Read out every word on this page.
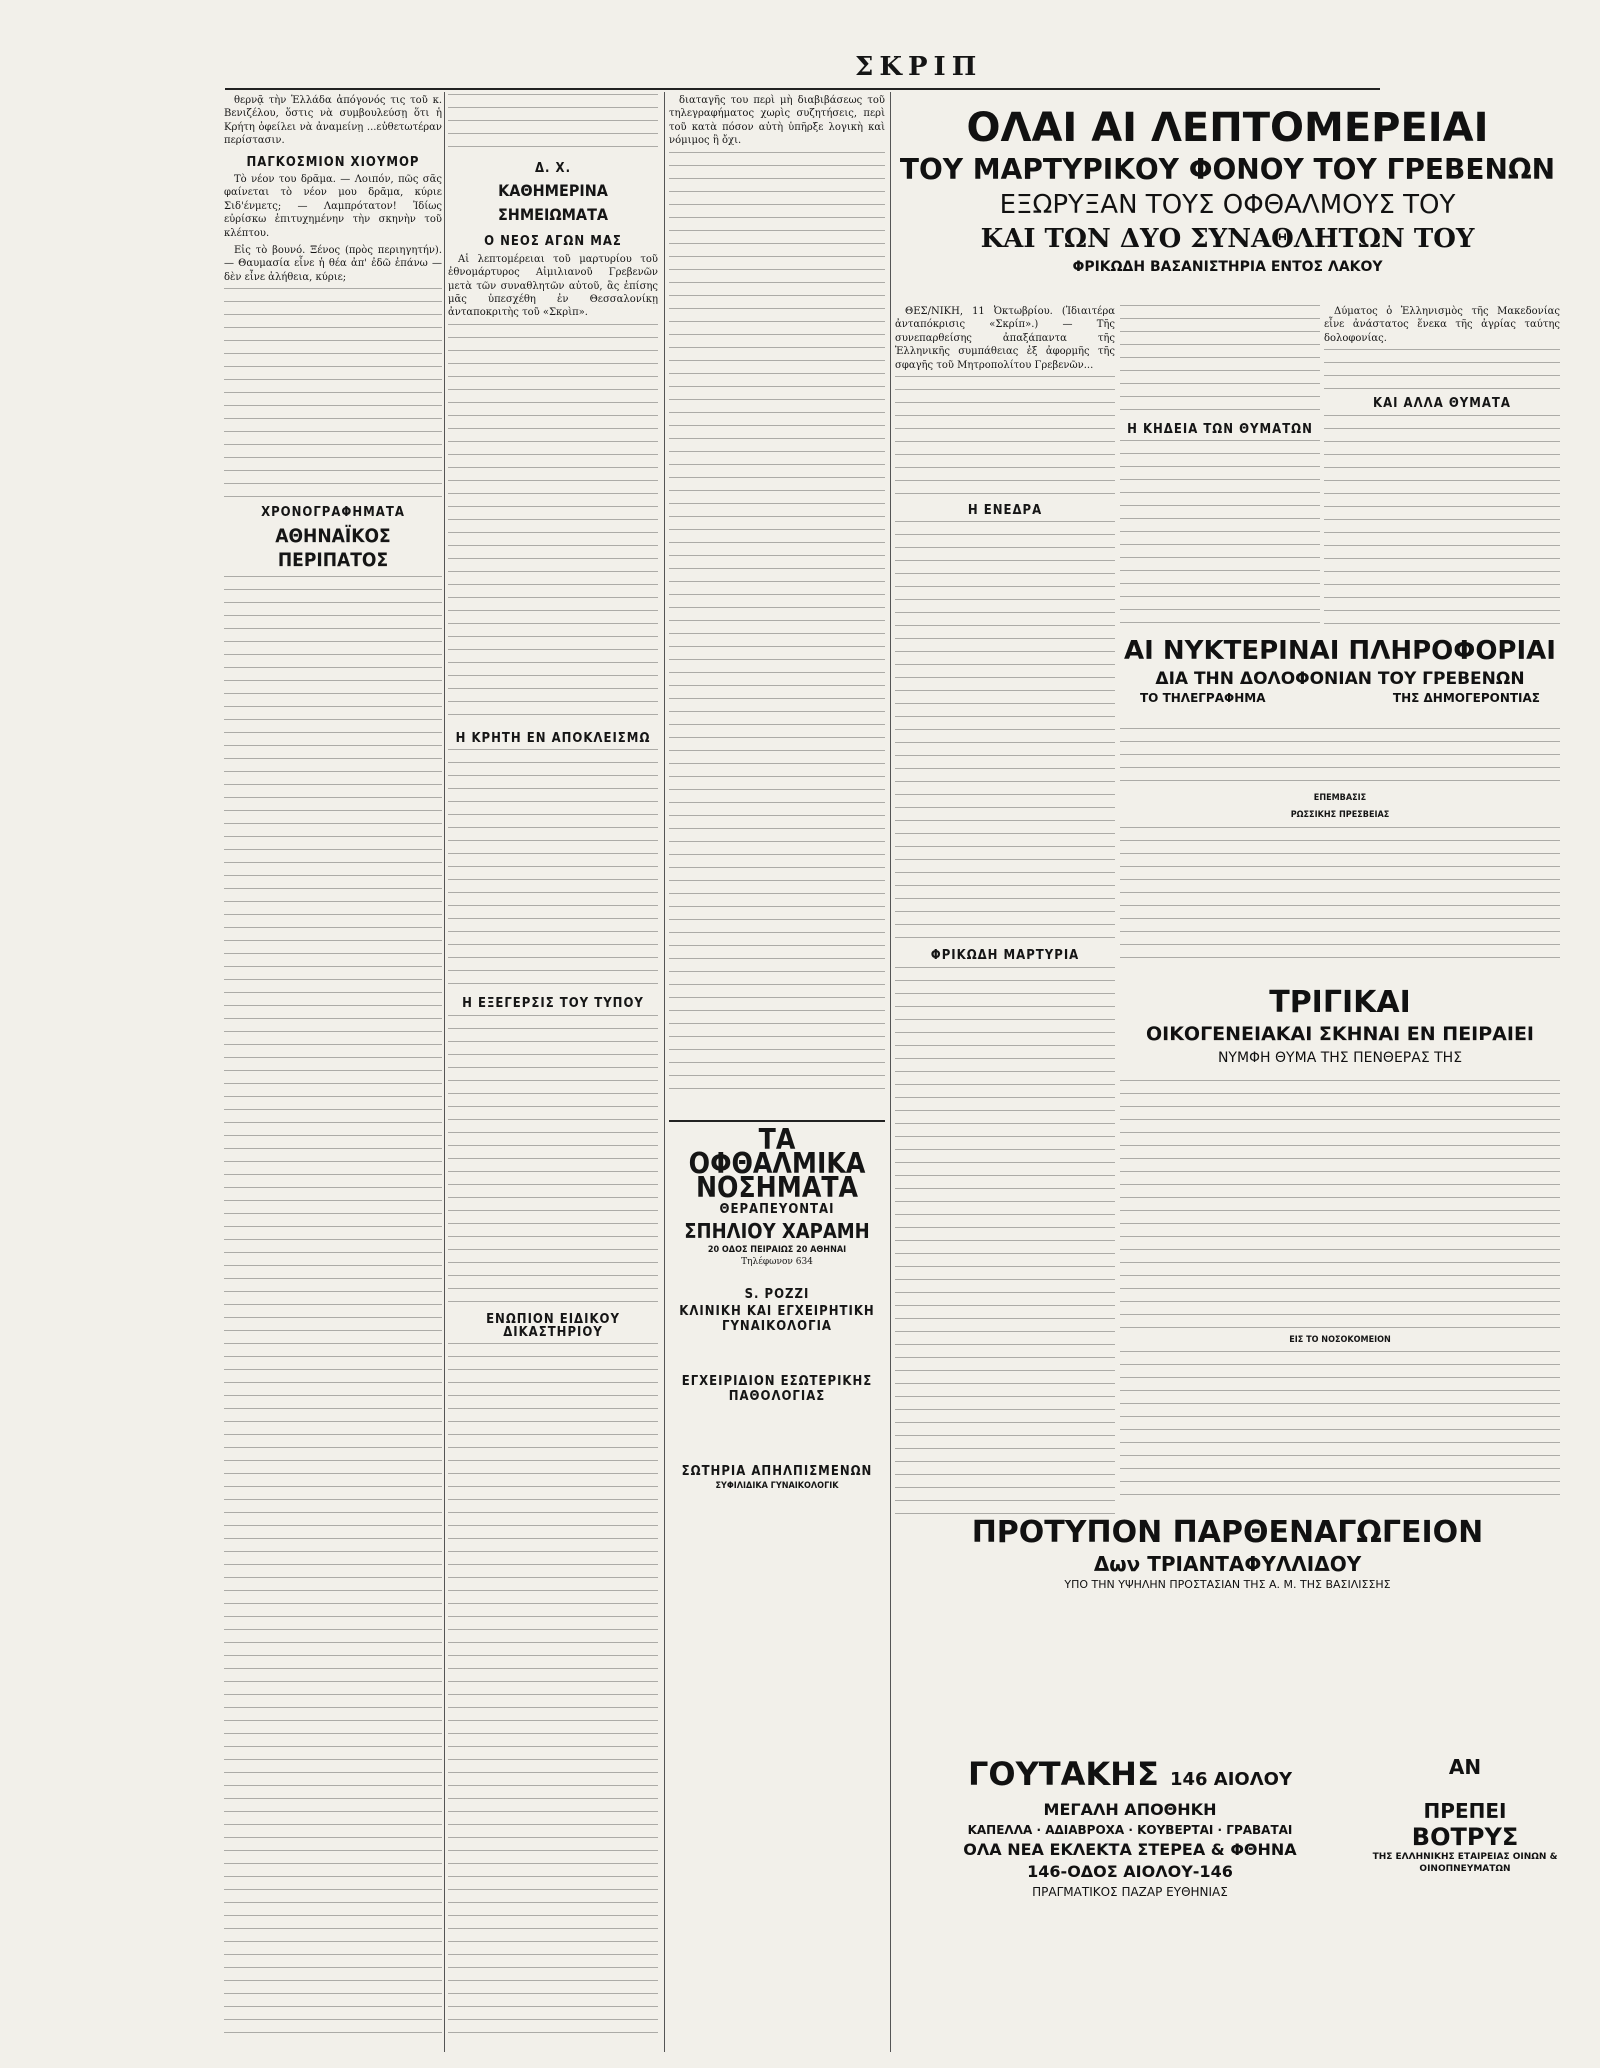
ΣΚΡΙΠ

θερνᾷ τὴν Ἑλλάδα ἀπόγονός τις τοῦ κ. Βενιζέλου, ὅστις νὰ συμβουλεύσῃ ὅτι ἡ Κρήτη ὀφείλει νὰ ἀναμείνῃ ...εὐθετωτέραν περίστασιν.

ΠΑΓΚΟΣΜΙΟΝ ΧΙΟΥΜΟΡ

Τὸ νέον του δρᾶμα. — Λοιπόν, πῶς σᾶς φαίνεται τὸ νέον μου δρᾶμα, κύριε Σιδ'ένμετς; — Λαμπρότατον! Ἰδίως εὐρίσκω ἐπιτυχημένην τὴν σκηνὴν τοῦ κλέπτου.

Εἰς τὸ βουνό. Ξένος (πρὸς περιηγητήν). — Θαυμασία εἶνε ἡ θέα ἀπ' ἐδῶ ἐπάνω — δὲν εἶνε ἀλήθεια, κύριε;

ΧΡΟΝΟΓΡΑΦΗΜΑΤΑ
ΑΘΗΝΑΪΚΟΣ ΠΕΡΙΠΑΤΟΣ
Δ. Χ.
ΚΑΘΗΜΕΡΙΝΑ ΣΗΜΕΙΩΜΑΤΑ
Ο ΝΕΟΣ ΑΓΩΝ ΜΑΣ

Αἱ λεπτομέρειαι τοῦ μαρτυρίου τοῦ ἐθνομάρτυρος Αἰμιλιανοῦ Γρεβενῶν μετὰ τῶν συναθλητῶν αὐτοῦ, ἃς ἐπίσης μᾶς ὑπεσχέθη ἐν Θεσσαλονίκῃ ἀνταποκριτὴς τοῦ «Σκρὶπ».

Η ΚΡΗΤΗ ΕΝ ΑΠΟΚΛΕΙΣΜΩ
Η ΕΞΕΓΕΡΣΙΣ ΤΟΥ ΤΥΠΟΥ
ΕΝΩΠΙΟΝ ΕΙΔΙΚΟΥ ΔΙΚΑΣΤΗΡΙΟΥ

διαταγῆς του περὶ μὴ διαβιβάσεως τοῦ τηλεγραφήματος χωρὶς συζητήσεις, περὶ τοῦ κατὰ πόσον αὐτὴ ὑπῆρξε λογικὴ καὶ νόμιμος ἢ ὄχι.

ΤΑ ΟΦΘΑΛΜΙΚΑ ΝΟΣΗΜΑΤΑ
ΘΕΡΑΠΕΥΟΝΤΑΙ
ΣΠΗΛΙΟΥ ΧΑΡΑΜΗ
20 ΟΔΟΣ ΠΕΙΡΑΙΩΣ 20 ΑΘΗΝΑΙ
Τηλέφωνον 634
S. POZZI
ΚΛΙΝΙΚΗ ΚΑΙ ΕΓΧΕΙΡΗΤΙΚΗ ΓΥΝΑΙΚΟΛΟΓΙΑ
ΕΓΧΕΙΡΙΔΙΟΝ ΕΣΩΤΕΡΙΚΗΣ ΠΑΘΟΛΟΓΙΑΣ
ΣΩΤΗΡΙΑ ΑΠΗΛΠΙΣΜΕΝΩΝ
ΣΥΦΙΛΙΔΙΚΑ ΓΥΝΑΙΚΟΛΟΓΙΚ
ΟΛΑΙ ΑΙ ΛΕΠΤΟΜΕΡΕΙΑΙ
ΤΟΥ ΜΑΡΤΥΡΙΚΟΥ ΦΟΝΟΥ ΤΟΥ ΓΡΕΒΕΝΩΝ
ΕΞΩΡΥΞΑΝ ΤΟΥΣ ΟΦΘΑΛΜΟΥΣ ΤΟΥ
ΚΑΙ ΤΩΝ ΔΥΟ ΣΥΝΑΘΛΗΤΩΝ ΤΟΥ
ΦΡΙΚΩΔΗ ΒΑΣΑΝΙΣΤΗΡΙΑ ΕΝΤΟΣ ΛΑΚΟΥ

ΘΕΣ/ΝΙΚΗ, 11 Ὀκτωβρίου. (Ἰδιαιτέρα ἀνταπόκρισις «Σκρίπ».) — Τῆς συνεπαρθείσης ἀπαξάπαντα τῆς Ἑλληνικῆς συμπάθειας ἐξ ἀφορμῆς τῆς σφαγῆς τοῦ Μητροπολίτου Γρεβενῶν...

Η ΕΝΕΔΡΑ
ΦΡΙΚΩΔΗ ΜΑΡΤΥΡΙΑ
Η ΚΗΔΕΙΑ ΤΩΝ ΘΥΜΑΤΩΝ

Δύματος ὁ Ἑλληνισμὸς τῆς Μακεδονίας εἶνε ἀνάστατος ἕνεκα τῆς ἀγρίας ταύτης δολοφονίας.

ΚΑΙ ΑΛΛΑ ΘΥΜΑΤΑ
ΑΙ ΝΥΚΤΕΡΙΝΑΙ ΠΛΗΡΟΦΟΡΙΑΙ
ΔΙΑ ΤΗΝ ΔΟΛΟΦΟΝΙΑΝ ΤΟΥ ΓΡΕΒΕΝΩΝ
ΤΟ ΤΗΛΕΓΡΑΦΗΜΑ	ΤΗΣ ΔΗΜΟΓΕΡΟΝΤΙΑΣ
ΕΠΕΜΒΑΣΙΣ
ΡΩΣΣΙΚΗΣ ΠΡΕΣΒΕΙΑΣ
ΤΡΙΓΙΚΑΙ
ΟΙΚΟΓΕΝΕΙΑΚΑΙ ΣΚΗΝΑΙ ΕΝ ΠΕΙΡΑΙΕΙ
ΝΥΜΦΗ ΘΥΜΑ ΤΗΣ ΠΕΝΘΕΡΑΣ ΤΗΣ
ΕΙΣ ΤΟ ΝΟΣΟΚΟΜΕΙΟΝ
ΠΡΟΤΥΠΟΝ ΠΑΡΘΕΝΑΓΩΓΕΙΟΝ
Δων ΤΡΙΑΝΤΑΦΥΛΛΙΔΟΥ
ΥΠΟ ΤΗΝ ΥΨΗΛΗΝ ΠΡΟΣΤΑΣΙΑΝ ΤΗΣ Α. Μ. ΤΗΣ ΒΑΣΙΛΙΣΣΗΣ
ΓΟΥΤΑΚΗΣ 146 ΑΙΟΛΟΥ
ΜΕΓΑΛΗ ΑΠΟΘΗΚΗ
ΚΑΠΕΛΛΑ · ΑΔΙΑΒΡΟΧΑ · ΚΟΥΒΕΡΤΑΙ · ΓΡΑΒΑΤΑΙ
ΟΛΑ ΝΕΑ ΕΚΛΕΚΤΑ ΣΤΕΡΕΑ & ΦΘΗΝΑ
146-ΟΔΟΣ ΑΙΟΛΟΥ-146
ΠΡΑΓΜΑΤΙΚΟΣ ΠΑΖΑΡ ΕΥΘΗΝΙΑΣ
ΑΝ
ΠΡΕΠΕΙ
ΒΟΤΡΥΣ
ΤΗΣ ΕΛΛΗΝΙΚΗΣ ΕΤΑΙΡΕΙΑΣ ΟΙΝΩΝ & ΟΙΝΟΠΝΕΥΜΑΤΩΝ
